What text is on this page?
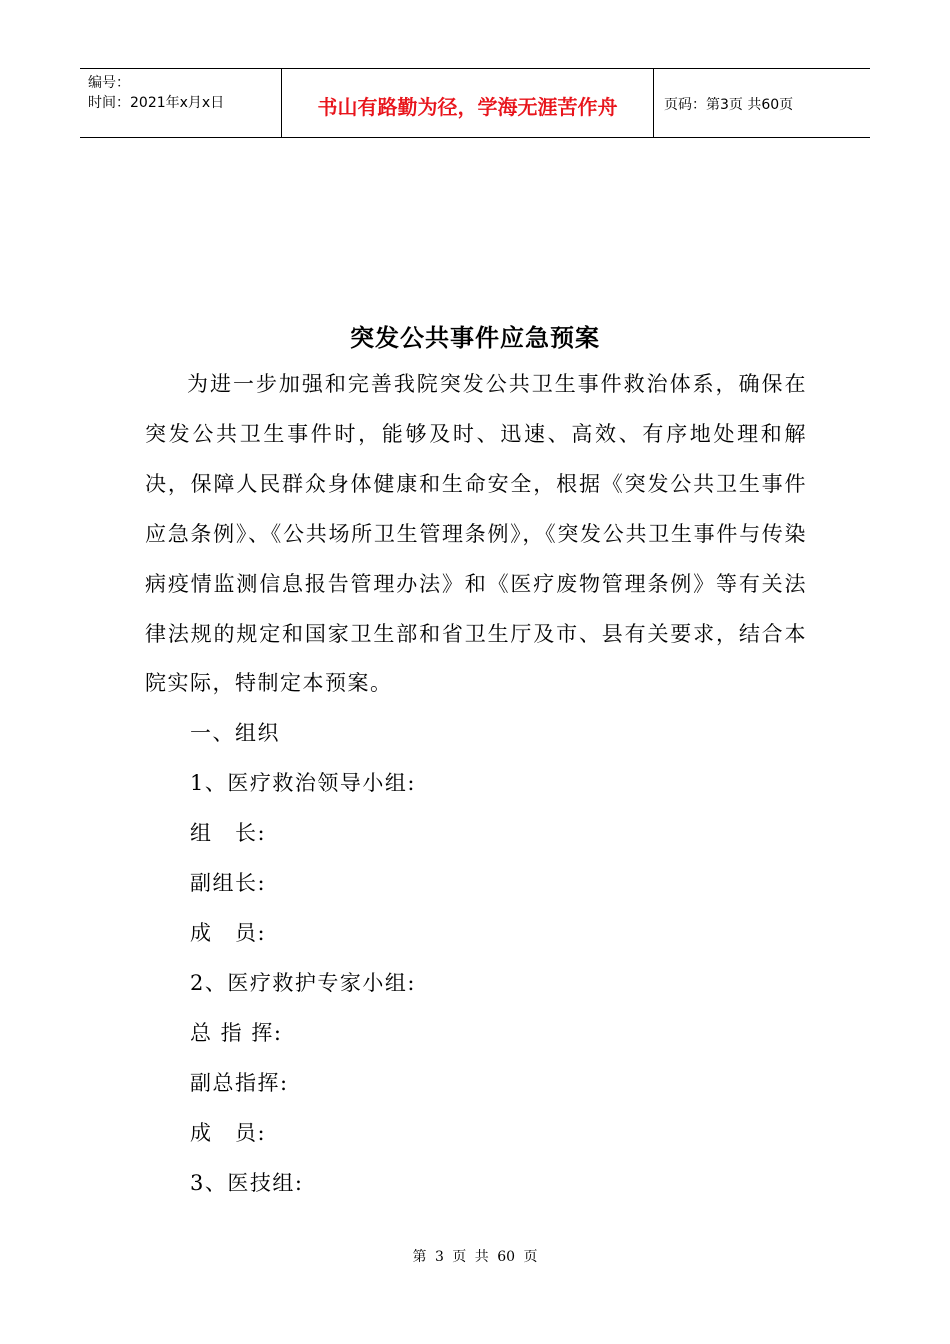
编号：
时间：2021年x月x日	书山有路勤为径，学海无涯苦作舟	页码：第3页 共60页
突发公共事件应急预案

为进一步加强和完善我院突发公共卫生事件救治体系，确保在突发公共卫生事件时，能够及时、迅速、高效、有序地处理和解决，保障人民群众身体健康和生命安全，根据《突发公共卫生事件应急条例》、《公共场所卫生管理条例》，《突发公共卫生事件与传染病疫情监测信息报告管理办法》和《医疗废物管理条例》等有关法律法规的规定和国家卫生部和省卫生厅及市、县有关要求，结合本院实际，特制定本预案。

一、组织

1、医疗救治领导小组:

组　长:

副组长:

成　员:

2、医疗救护专家小组:

总 指 挥:

副总指挥:

成　员:

3、医技组:

第 3 页 共 60 页
